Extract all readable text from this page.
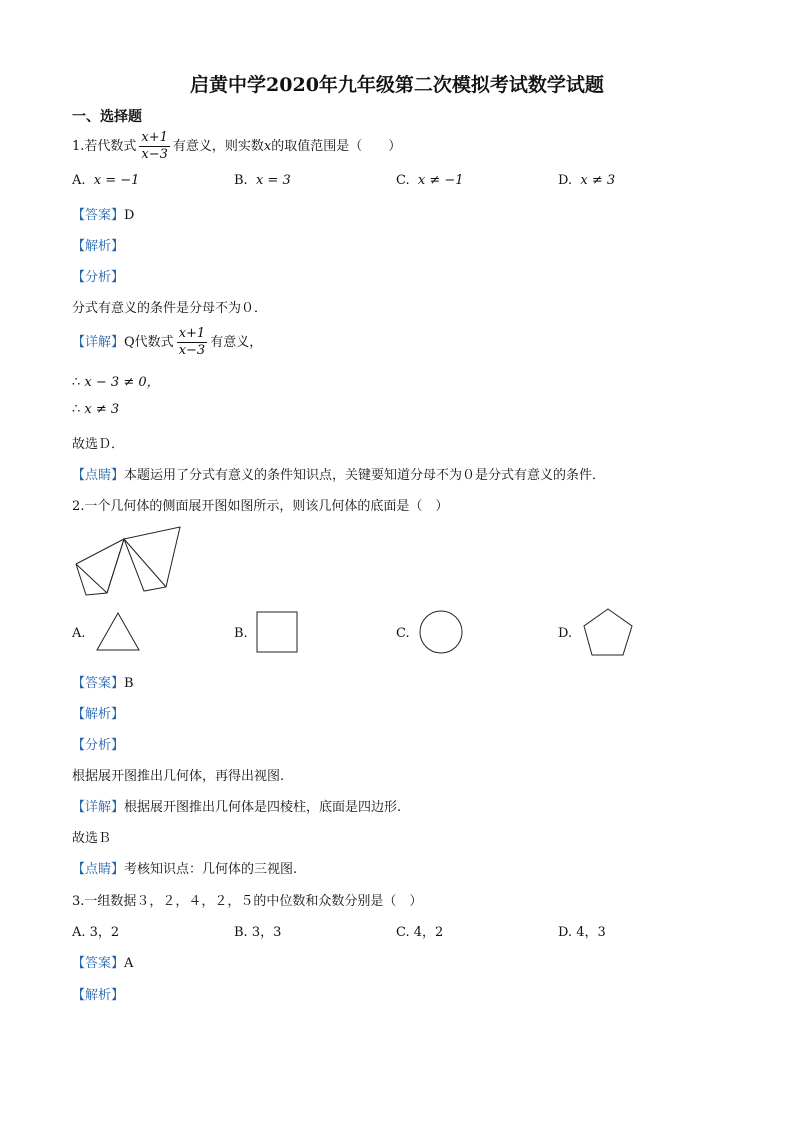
启黄中学2020年九年级第二次模拟考试数学试题
一、选择题
1.若代数式 $\frac{x+1}{x-3}$ 有意义，则实数x的取值范围是（　　）
A. x = −1	B. x = 3	C. x ≠ −1	D. x ≠ 3
【答案】D
【解析】
【分析】
分式有意义的条件是分母不为０．
【详解】Q代数式 $\frac{x+1}{x-3}$ 有意义，
∴ x − 3 ≠ 0，
∴ x ≠ 3
故选Ｄ．
【点睛】本题运用了分式有意义的条件知识点，关键要知道分母不为０是分式有意义的条件．
2.一个几何体的侧面展开图如图所示，则该几何体的底面是（　）
A.	B.	C.	D.
【答案】B
【解析】
【分析】
根据展开图推出几何体，再得出视图.
【详解】根据展开图推出几何体是四棱柱，底面是四边形.
故选Ｂ
【点睛】考核知识点：几何体的三视图.
3.一组数据３，２，４，２，５的中位数和众数分别是（　）
A. 3，2	B. 3，3	C. 4，2	D. 4，3
【答案】A
【解析】
